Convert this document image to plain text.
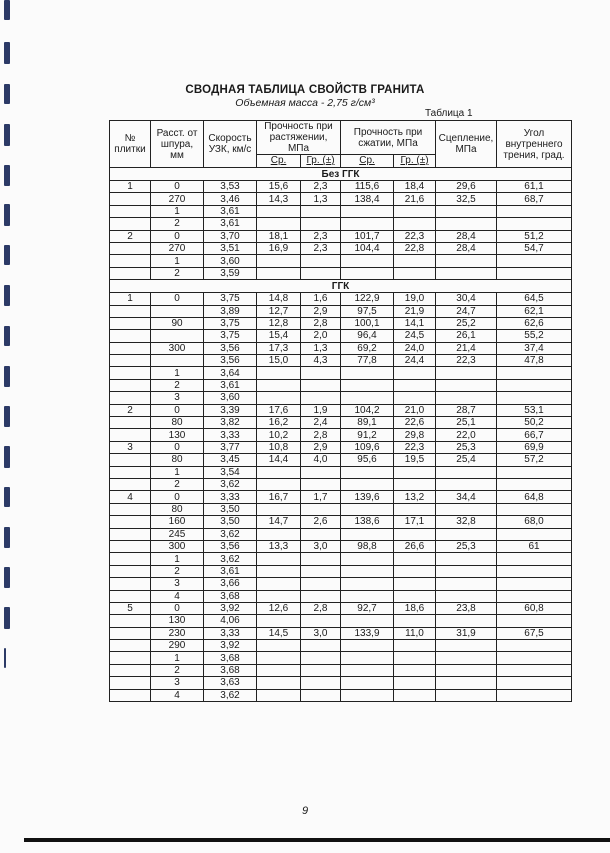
СВОДНАЯ ТАБЛИЦА СВОЙСТВ ГРАНИТА
Объемная масса - 2,75 г/см³
Таблица 1
№ плитки	Расст. от шпура, мм	Скорость УЗК, км/с	Прочность при растяжении, МПа		Прочность при сжатии, МПа		Сцепление, МПа	Угол внутреннего трения, град.
			Ср.	Гр. (±)	Ср.	Гр. (±)		
Без ГГК								
1	0	3,53	15,6	2,3	115,6	18,4	29,6	61,1
	270	3,46	14,3	1,3	138,4	21,6	32,5	68,7
	1	3,61						
	2	3,61						
2	0	3,70	18,1	2,3	101,7	22,3	28,4	51,2
	270	3,51	16,9	2,3	104,4	22,8	28,4	54,7
	1	3,60						
	2	3,59						
ГГК								
1	0	3,75	14,8	1,6	122,9	19,0	30,4	64,5
		3,89	12,7	2,9	97,5	21,9	24,7	62,1
	90	3,75	12,8	2,8	100,1	14,1	25,2	62,6
		3,75	15,4	2,0	96,4	24,5	26,1	55,2
	300	3,56	17,3	1,3	69,2	24,0	21,4	37,4
		3,56	15,0	4,3	77,8	24,4	22,3	47,8
	1	3,64						
	2	3,61						
	3	3,60						
2	0	3,39	17,6	1,9	104,2	21,0	28,7	53,1
	80	3,82	16,2	2,4	89,1	22,6	25,1	50,2
	130	3,33	10,2	2,8	91,2	29,8	22,0	66,7
3	0	3,77	10,8	2,9	109,6	22,3	25,3	69,9
	80	3,45	14,4	4,0	95,6	19,5	25,4	57,2
	1	3,54						
	2	3,62						
4	0	3,33	16,7	1,7	139,6	13,2	34,4	64,8
	80	3,50						
	160	3,50	14,7	2,6	138,6	17,1	32,8	68,0
	245	3,62						
	300	3,56	13,3	3,0	98,8	26,6	25,3	61
	1	3,62						
	2	3,61						
	3	3,66						
	4	3,68						
5	0	3,92	12,6	2,8	92,7	18,6	23,8	60,8
	130	4,06						
	230	3,33	14,5	3,0	133,9	11,0	31,9	67,5
	290	3,92						
	1	3,68						
	2	3,68						
	3	3,63						
	4	3,62						
9
